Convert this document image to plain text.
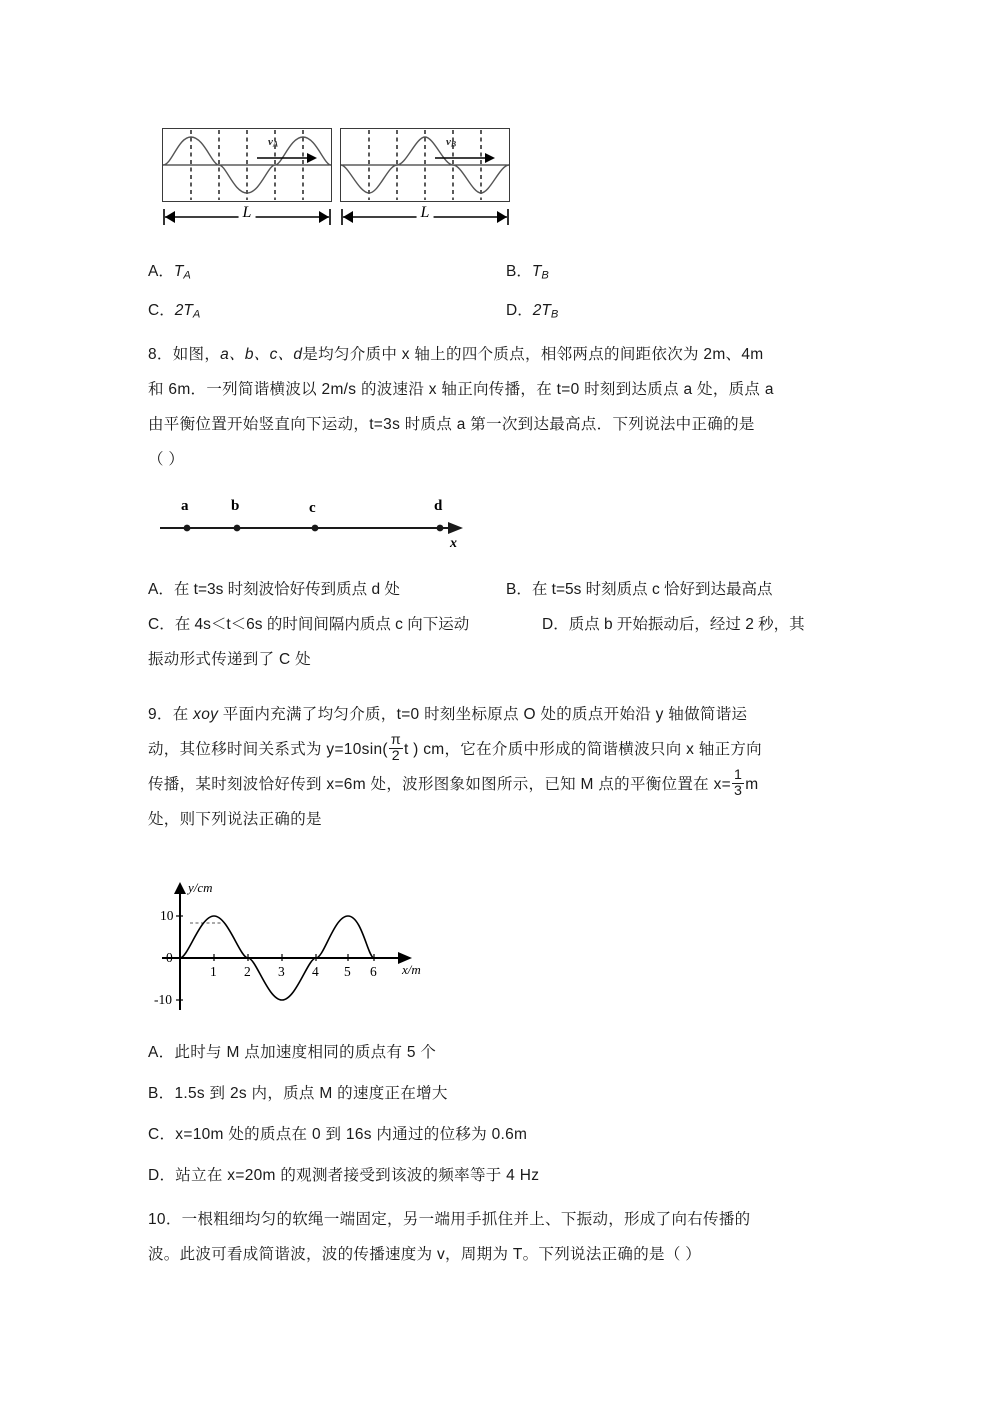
$v_A$
L
$v_B$
L
A．$T_A$	B．$T_B$
C．$2T_A$	D．$2T_B$
8．如图，a、b、c、d是均匀介质中 x 轴上的四个质点，相邻两点的间距依次为 2m、4m
和 6m．一列简谐横波以 2m/s 的波速沿 x 轴正向传播，在 t=0 时刻到达质点 a 处，质点 a
由平衡位置开始竖直向下运动，t=3s 时质点 a 第一次到达最高点．下列说法中正确的是
（ ）
a	b	c	d
x
A．在 t=3s 时刻波恰好传到质点 d 处	B．在 t=5s 时刻质点 c 恰好到达最高点
C．在 4s＜t＜6s 的时间间隔内质点 c 向下运动	D．质点 b 开始振动后，经过 2 秒，其
振动形式传递到了 C 处
9．在 xoy 平面内充满了均匀介质，t=0 时刻坐标原点 O 处的质点开始沿 y 轴做简谐运
动，其位移时间关系式为 $y=10\sin( \frac{\pi}{2}$ t ) cm，它在介质中形成的简谐横波只向 x 轴正方向
传播，某时刻波恰好传到 x=6m 处，波形图象如图所示，已知 M 点的平衡位置在 $x= \frac{1}{3}$ m
处，则下列说法正确的是
y/cm
x/m
10
0
-10
1 2 3 4 5 6
A．此时与 M 点加速度相同的质点有 5 个
B．1.5s 到 2s 内，质点 M 的速度正在增大
C．x=10m 处的质点在 0 到 16s 内通过的位移为 0.6m
D．站立在 x=20m 的观测者接受到该波的频率等于 4 Hz
10．一根粗细均匀的软绳一端固定，另一端用手抓住并上、下振动，形成了向右传播的
波。此波可看成简谐波，波的传播速度为 v，周期为 T。下列说法正确的是（ ）
